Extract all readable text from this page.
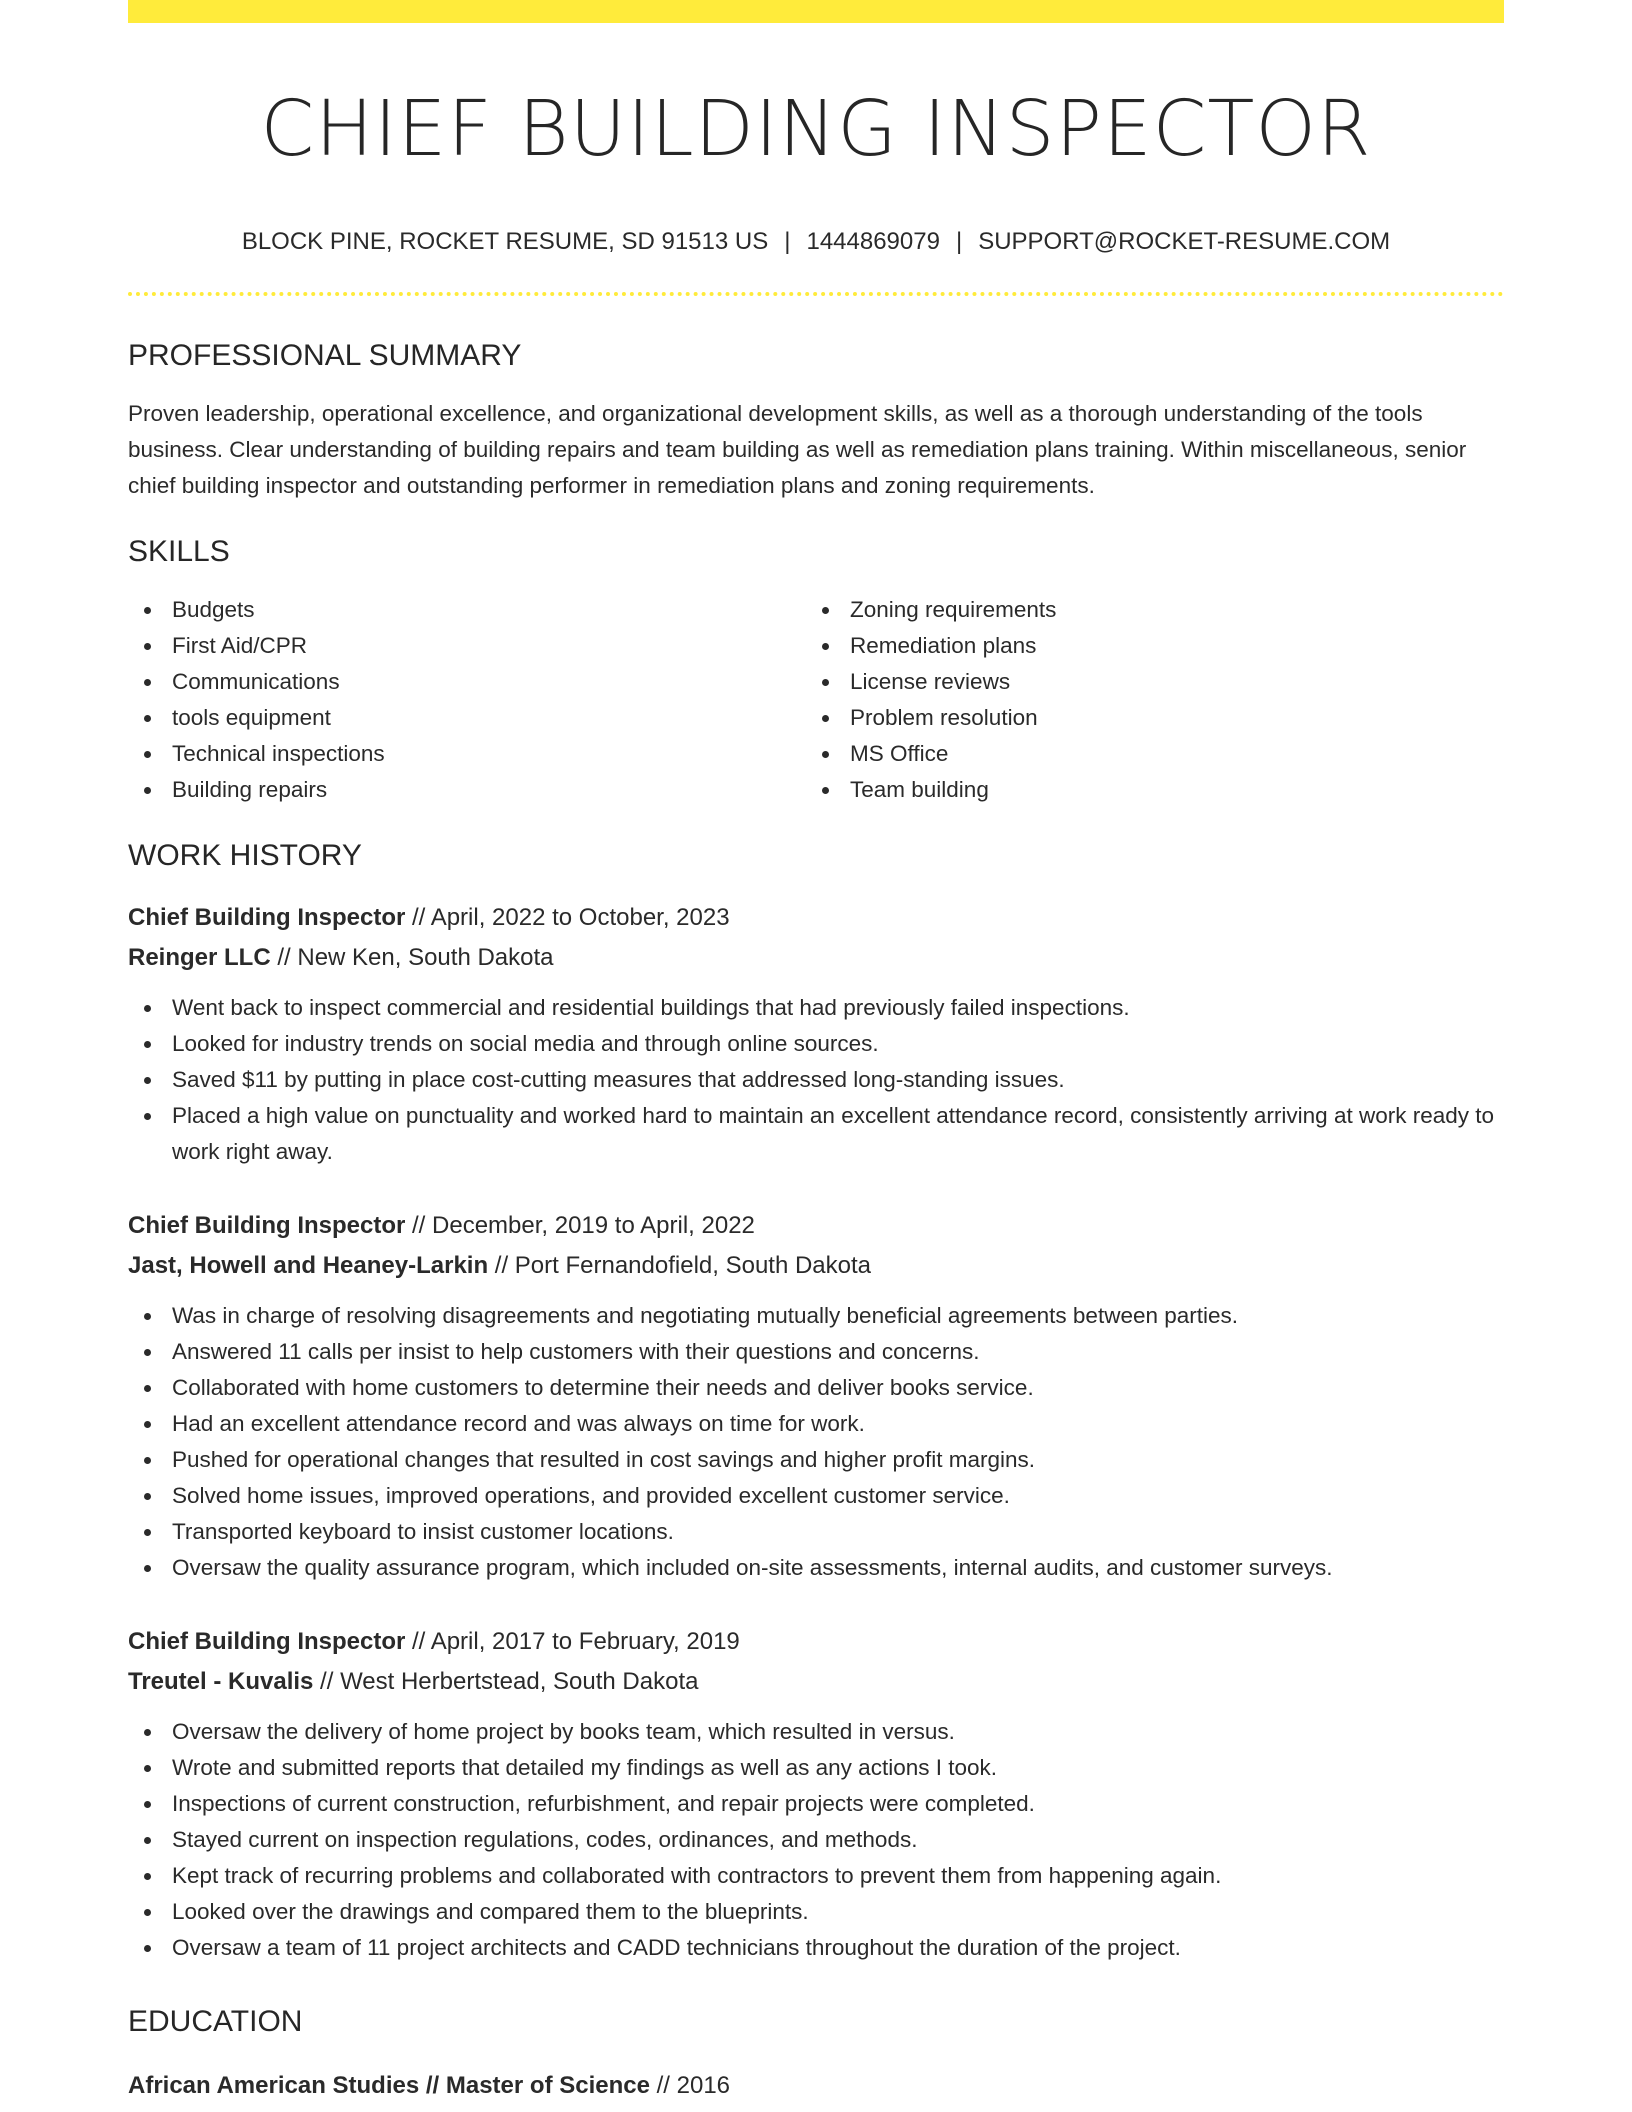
CHIEF BUILDING INSPECTOR
BLOCK PINE, ROCKET RESUME, SD 91513 US | 1444869079 | SUPPORT@ROCKET-RESUME.COM
PROFESSIONAL SUMMARY
Proven leadership, operational excellence, and organizational development skills, as well as a thorough understanding of the tools business. Clear understanding of building repairs and team building as well as remediation plans training. Within miscellaneous, senior chief building inspector and outstanding performer in remediation plans and zoning requirements.
SKILLS
Budgets
First Aid/CPR
Communications
tools equipment
Technical inspections
Building repairs
Zoning requirements
Remediation plans
License reviews
Problem resolution
MS Office
Team building
WORK HISTORY
Chief Building Inspector // April, 2022 to October, 2023
Reinger LLC // New Ken, South Dakota
Went back to inspect commercial and residential buildings that had previously failed inspections.
Looked for industry trends on social media and through online sources.
Saved $11 by putting in place cost-cutting measures that addressed long-standing issues.
Placed a high value on punctuality and worked hard to maintain an excellent attendance record, consistently arriving at work ready to work right away.
Chief Building Inspector // December, 2019 to April, 2022
Jast, Howell and Heaney-Larkin // Port Fernandofield, South Dakota
Was in charge of resolving disagreements and negotiating mutually beneficial agreements between parties.
Answered 11 calls per insist to help customers with their questions and concerns.
Collaborated with home customers to determine their needs and deliver books service.
Had an excellent attendance record and was always on time for work.
Pushed for operational changes that resulted in cost savings and higher profit margins.
Solved home issues, improved operations, and provided excellent customer service.
Transported keyboard to insist customer locations.
Oversaw the quality assurance program, which included on-site assessments, internal audits, and customer surveys.
Chief Building Inspector // April, 2017 to February, 2019
Treutel - Kuvalis // West Herbertstead, South Dakota
Oversaw the delivery of home project by books team, which resulted in versus.
Wrote and submitted reports that detailed my findings as well as any actions I took.
Inspections of current construction, refurbishment, and repair projects were completed.
Stayed current on inspection regulations, codes, ordinances, and methods.
Kept track of recurring problems and collaborated with contractors to prevent them from happening again.
Looked over the drawings and compared them to the blueprints.
Oversaw a team of 11 project architects and CADD technicians throughout the duration of the project.
EDUCATION
African American Studies // Master of Science // 2016
